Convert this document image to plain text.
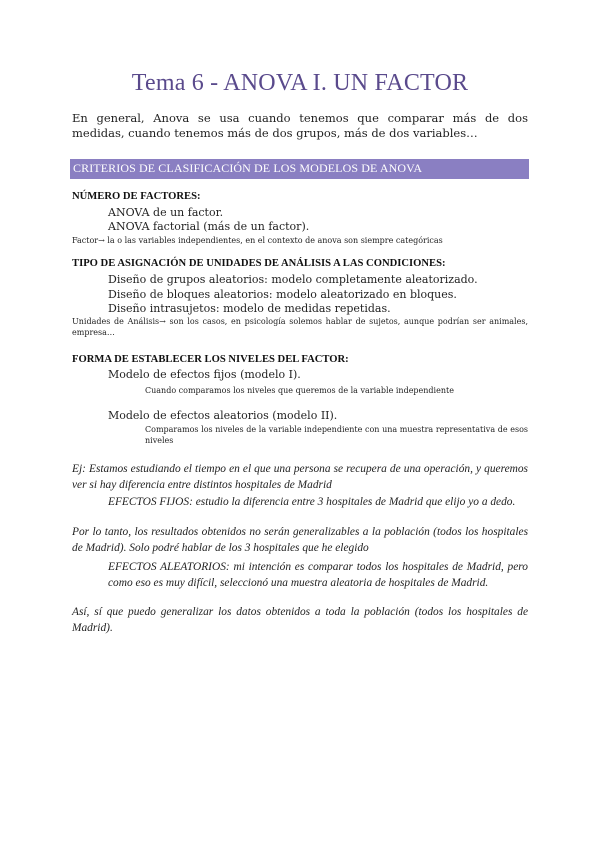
Tema 6 - ANOVA I. UN FACTOR
En general, Anova se usa cuando tenemos que comparar más de dos medidas, cuando tenemos más de dos grupos, más de dos variables…
CRITERIOS DE CLASIFICACIÓN DE LOS MODELOS DE ANOVA
NÚMERO DE FACTORES:
ANOVA de un factor.
ANOVA factorial (más de un factor).
Factor→ la o las variables independientes, en el contexto de anova son siempre categóricas
TIPO DE ASIGNACIÓN DE UNIDADES DE ANÁLISIS A LAS CONDICIONES:
Diseño de grupos aleatorios: modelo completamente aleatorizado.
Diseño de bloques aleatorios: modelo aleatorizado en bloques.
Diseño intrasujetos: modelo de medidas repetidas.
Unidades de Análisis→ son los casos, en psicología solemos hablar de sujetos, aunque podrían ser animales, empresa…
FORMA DE ESTABLECER LOS NIVELES DEL FACTOR:
Modelo de efectos fijos (modelo I).
Cuando comparamos los niveles que queremos de la variable independiente
Modelo de efectos aleatorios (modelo II).
Comparamos los niveles de la variable independiente con una muestra representativa de esos niveles
Ej: Estamos estudiando el tiempo en el que una persona se recupera de una operación, y queremos ver si hay diferencia entre distintos hospitales de Madrid
EFECTOS FIJOS: estudio la diferencia entre 3 hospitales de Madrid que elijo yo a dedo.
Por lo tanto, los resultados obtenidos no serán generalizables a la población (todos los hospitales de Madrid). Solo podré hablar de los 3 hospitales que he elegido
EFECTOS ALEATORIOS: mi intención es comparar todos los hospitales de Madrid, pero como eso es muy difícil, seleccionó una muestra aleatoria de hospitales de Madrid.
Así, sí que puedo generalizar los datos obtenidos a toda la población (todos los hospitales de Madrid).
